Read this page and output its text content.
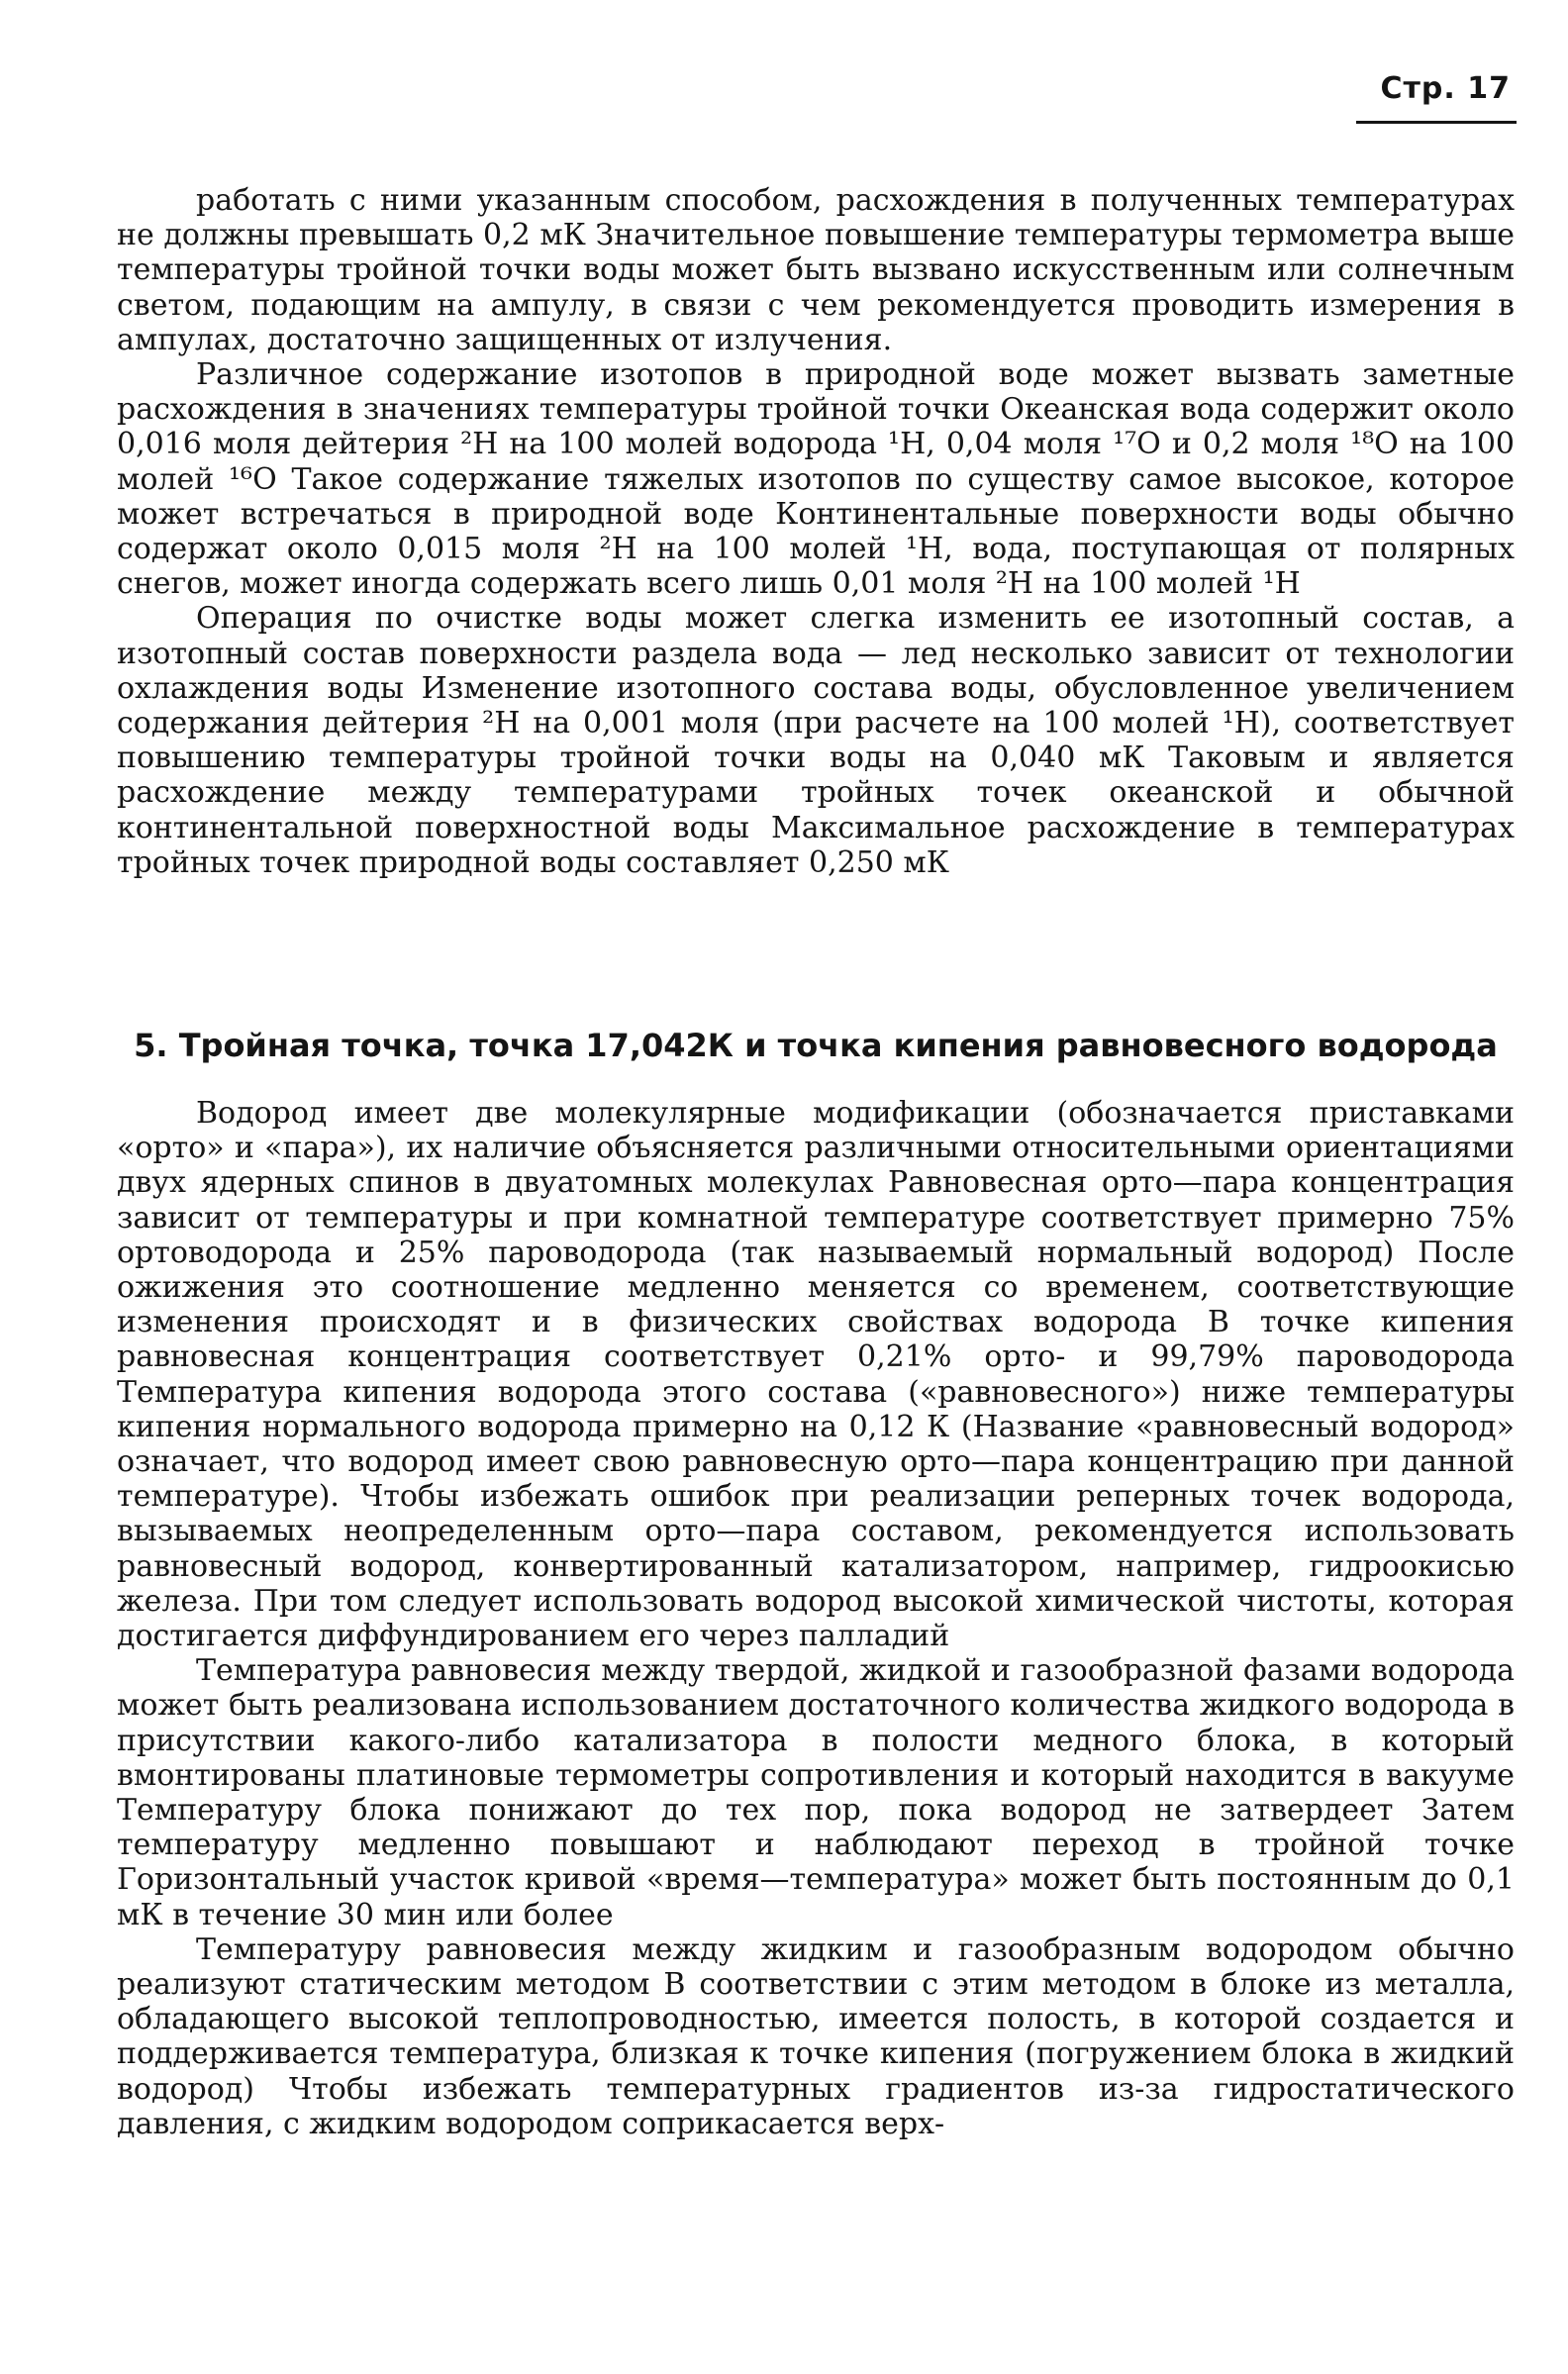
Стр. 17

работать с ними указанным способом, расхождения в полученных температурах не должны превышать 0,2 мК Значительное повышение температуры термометра выше температуры тройной точки воды может быть вызвано искусственным или солнечным светом, подающим на ампулу, в связи с чем рекомендуется проводить измерения в ампулах, достаточно защищенных от излучения.

Различное содержание изотопов в природной воде может вызвать заметные расхождения в значениях температуры тройной точки Океанская вода содержит около 0,016 моля дейтерия ²H на 100 молей водорода ¹H, 0,04 моля ¹⁷O и 0,2 моля ¹⁸O на 100 молей ¹⁶O Такое содержание тяжелых изотопов по существу самое высокое, которое может встречаться в природной воде Континентальные поверхности воды обычно содержат около 0,015 моля ²H на 100 молей ¹H, вода, поступающая от полярных снегов, может иногда содержать всего лишь 0,01 моля ²H на 100 молей ¹H

Операция по очистке воды может слегка изменить ее изотопный состав, а изотопный состав поверхности раздела вода — лед несколько зависит от технологии охлаждения воды Изменение изотопного состава воды, обусловленное увеличением содержания дейтерия ²H на 0,001 моля (при расчете на 100 молей ¹H), соответствует повышению температуры тройной точки воды на 0,040 мК Таковым и является расхождение между температурами тройных точек океанской и обычной континентальной поверхностной воды Максимальное расхождение в температурах тройных точек природной воды составляет 0,250 мК

5. Тройная точка, точка 17,042К и точка кипения равновесного водорода

Водород имеет две молекулярные модификации (обозначается приставками «орто» и «пара»), их наличие объясняется различными относительными ориентациями двух ядерных спинов в двуатомных молекулах Равновесная орто—пара концентрация зависит от температуры и при комнатной температуре соответствует примерно 75% ортоводорода и 25% пароводорода (так называемый нормальный водород) После ожижения это соотношение медленно меняется со временем, соответствующие изменения происходят и в физических свойствах водорода В точке кипения равновесная концентрация соответствует 0,21% орто- и 99,79% пароводорода Температура кипения водорода этого состава («равновесного») ниже температуры кипения нормального водорода примерно на 0,12 К (Название «равновесный водород» означает, что водород имеет свою равновесную орто—пара концентрацию при данной температуре). Чтобы избежать ошибок при реализации реперных точек водорода, вызываемых неопределенным орто—пара составом, рекомендуется использовать равновесный водород, конвертированный катализатором, например, гидроокисью железа. При том следует использовать водород высокой химической чистоты, которая достигается диффундированием его через палладий

Температура равновесия между твердой, жидкой и газообразной фазами водорода может быть реализована использованием достаточного количества жидкого водорода в присутствии какого-либо катализатора в полости медного блока, в который вмонтированы платиновые термометры сопротивления и который находится в вакууме Температуру блока понижают до тех пор, пока водород не затвердеет Затем температуру медленно повышают и наблюдают переход в тройной точке Горизонтальный участок кривой «время—температура» может быть постоянным до 0,1 мК в течение 30 мин или более

Температуру равновесия между жидким и газообразным водородом обычно реализуют статическим методом В соответствии с этим методом в блоке из металла, обладающего высокой теплопроводностью, имеется полость, в которой создается и поддерживается температура, близкая к точке кипения (погружением блока в жидкий водород) Чтобы избежать температурных градиентов из-за гидростатического давления, с жидким водородом соприкасается верх-
